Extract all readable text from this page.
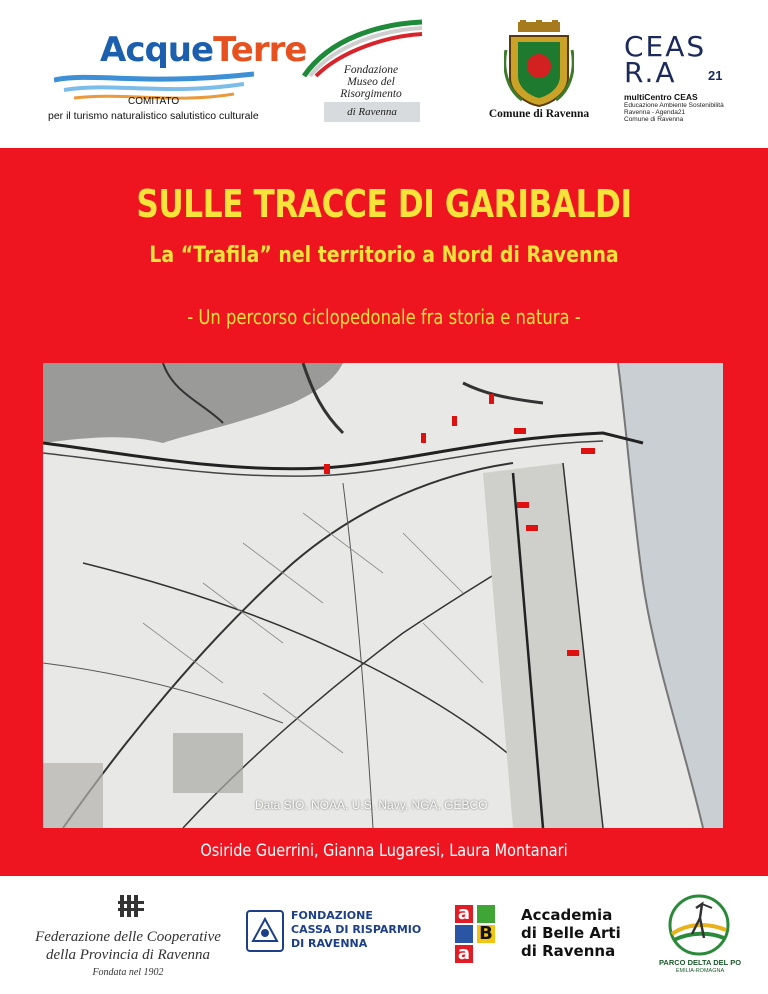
AcqueTerre
COMITATO
per il turismo naturalistico salutistico culturale
Fondazione
Museo del
Risorgimento
di Ravenna	Comune di Ravenna
CEAS
R.A 21
multiCentro CEAS
Educazione Ambiente Sostenibilità
Ravenna - Agenda21
Comune di Ravenna
SULLE TRACCE DI GARIBALDI
La “Trafila” nel territorio a Nord di Ravenna
- Un percorso ciclopedonale fra storia e natura -
Data SIO, NOAA, U.S. Navy, NGA, GEBCO
Osiride Guerrini, Gianna Lugaresi, Laura Montanari
Federazione delle Cooperative
della Provincia di Ravenna
Fondata nel 1902
FONDAZIONE
CASSA DI RISPARMIO
DI RAVENNA
a
B
a
Accademia
di Belle Arti
di Ravenna
PARCO DELTA DEL PO
EMILIA-ROMAGNA
